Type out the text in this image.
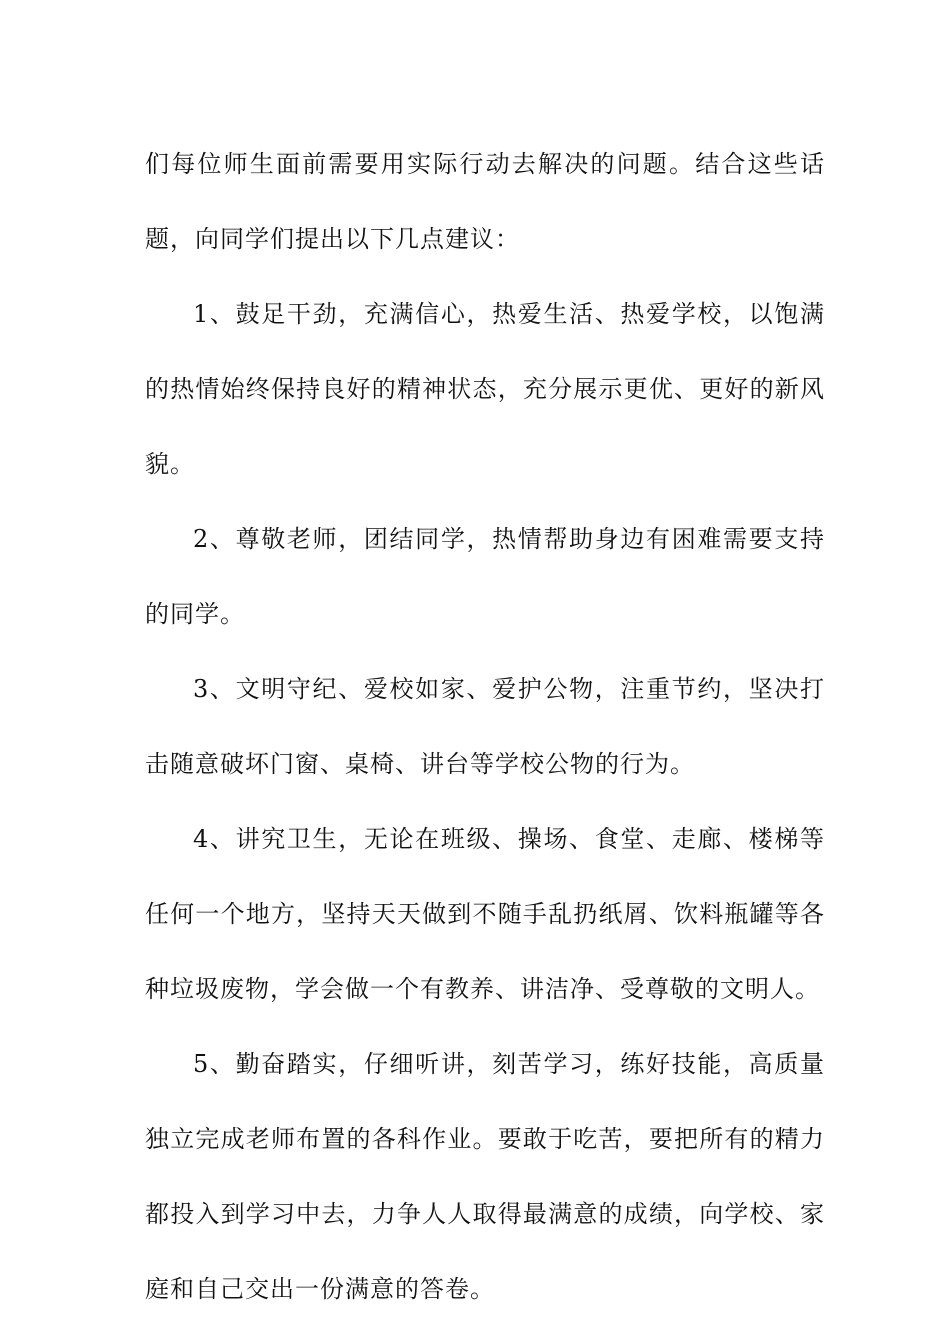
们每位师生面前需要用实际行动去解决的问题。结合这些话题，向同学们提出以下几点建议：

1、鼓足干劲，充满信心，热爱生活、热爱学校，以饱满的热情始终保持良好的精神状态，充分展示更优、更好的新风貌。

2、尊敬老师，团结同学，热情帮助身边有困难需要支持的同学。

3、文明守纪、爱校如家、爱护公物，注重节约，坚决打击随意破坏门窗、桌椅、讲台等学校公物的行为。

4、讲究卫生，无论在班级、操场、食堂、走廊、楼梯等任何一个地方，坚持天天做到不随手乱扔纸屑、饮料瓶罐等各种垃圾废物，学会做一个有教养、讲洁净、受尊敬的文明人。

5、勤奋踏实，仔细听讲，刻苦学习，练好技能，高质量独立完成老师布置的各科作业。要敢于吃苦，要把所有的精力都投入到学习中去，力争人人取得最满意的成绩，向学校、家庭和自己交出一份满意的答卷。
